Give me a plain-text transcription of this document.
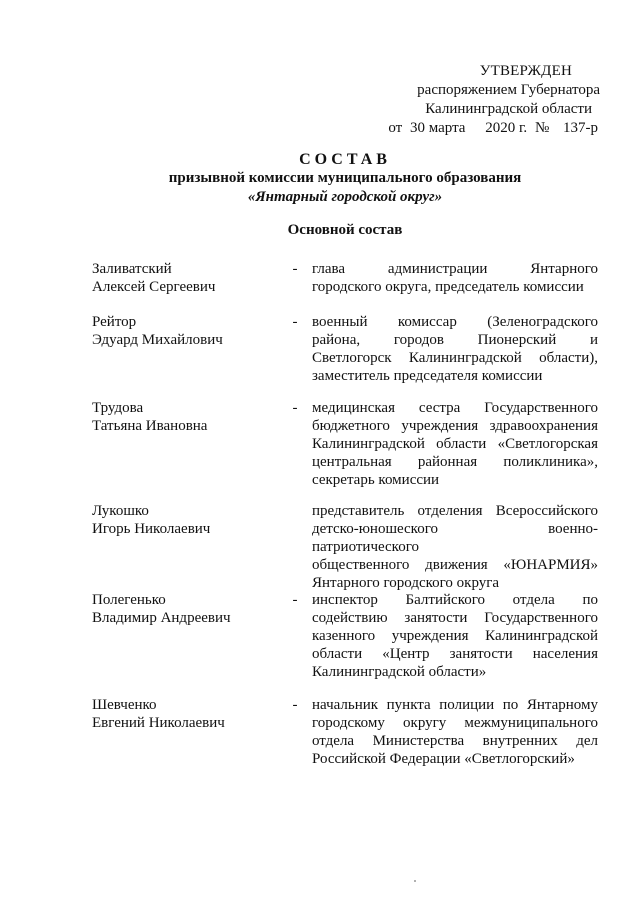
УТВЕРЖДЕН
распоряжением Губернатора
Калининградской области
от 30 марта 2020 г. № 137-р
СОСТАВ
призывной комиссии муниципального образования
«Янтарный городской округ»
Основной состав
Заливатский
Алексей Сергеевич
- глава администрации Янтарного
городского округа, председатель комиссии
Рейтор
Эдуард Михайлович
- военный комиссар (Зеленоградского
района, городов Пионерский и
Светлогорск Калининградской области),
заместитель председателя комиссии
Трудова
Татьяна Ивановна
- медицинская сестра Государственного
бюджетного учреждения здравоохранения
Калининградской области «Светлогорская
центральная районная поликлиника»,
секретарь комиссии
Лукошко
Игорь Николаевич
представитель отделения Всероссийского
детско-юношеского военно-патриотического
общественного движения «ЮНАРМИЯ»
Янтарного городского округа
Полегенько
Владимир Андреевич
- инспектор Балтийского отдела по
содействию занятости Государственного
казенного учреждения Калининградской
области «Центр занятости населения
Калининградской области»
Шевченко
Евгений Николаевич
- начальник пункта полиции по Янтарному
городскому округу межмуниципального
отдела Министерства внутренних дел
Российской Федерации «Светлогорский»
